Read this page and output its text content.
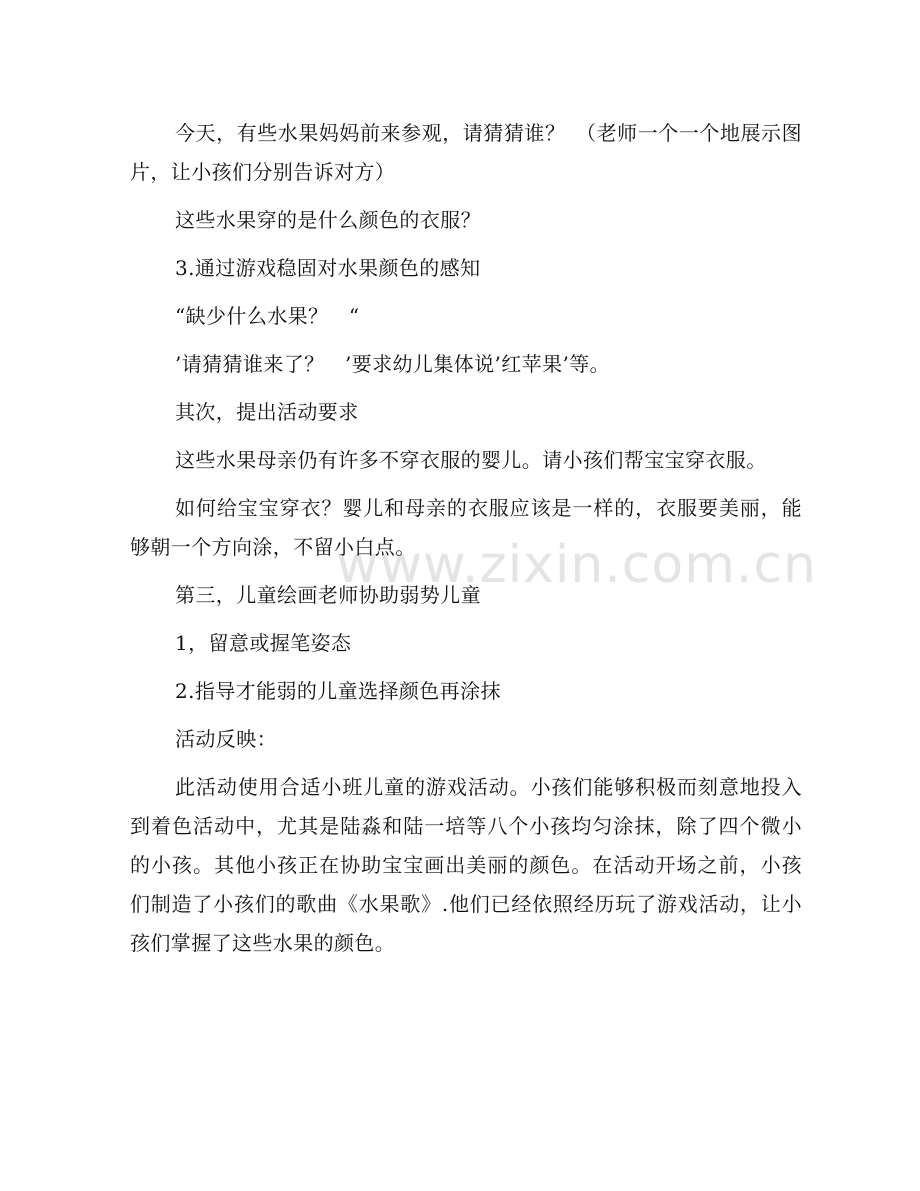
www.zixin.com.cn

今天，有些水果妈妈前来参观，请猜猜谁？　（老师一个一个地展示图片，让小孩们分别告诉对方）

这些水果穿的是什么颜色的衣服？

3.通过游戏稳固对水果颜色的感知

“缺少什么水果？　“

’请猜猜谁来了？　’要求幼儿集体说’红苹果’等。

其次，提出活动要求

这些水果母亲仍有许多不穿衣服的婴儿。请小孩们帮宝宝穿衣服。

如何给宝宝穿衣？婴儿和母亲的衣服应该是一样的，衣服要美丽，能够朝一个方向涂，不留小白点。

第三，儿童绘画老师协助弱势儿童

1，留意或握笔姿态

2.指导才能弱的儿童选择颜色再涂抹

活动反映：

此活动使用合适小班儿童的游戏活动。小孩们能够积极而刻意地投入到着色活动中，尤其是陆淼和陆一培等八个小孩均匀涂抹，除了四个微小的小孩。其他小孩正在协助宝宝画出美丽的颜色。在活动开场之前，小孩们制造了小孩们的歌曲《水果歌》.他们已经依照经历玩了游戏活动，让小孩们掌握了这些水果的颜色。
